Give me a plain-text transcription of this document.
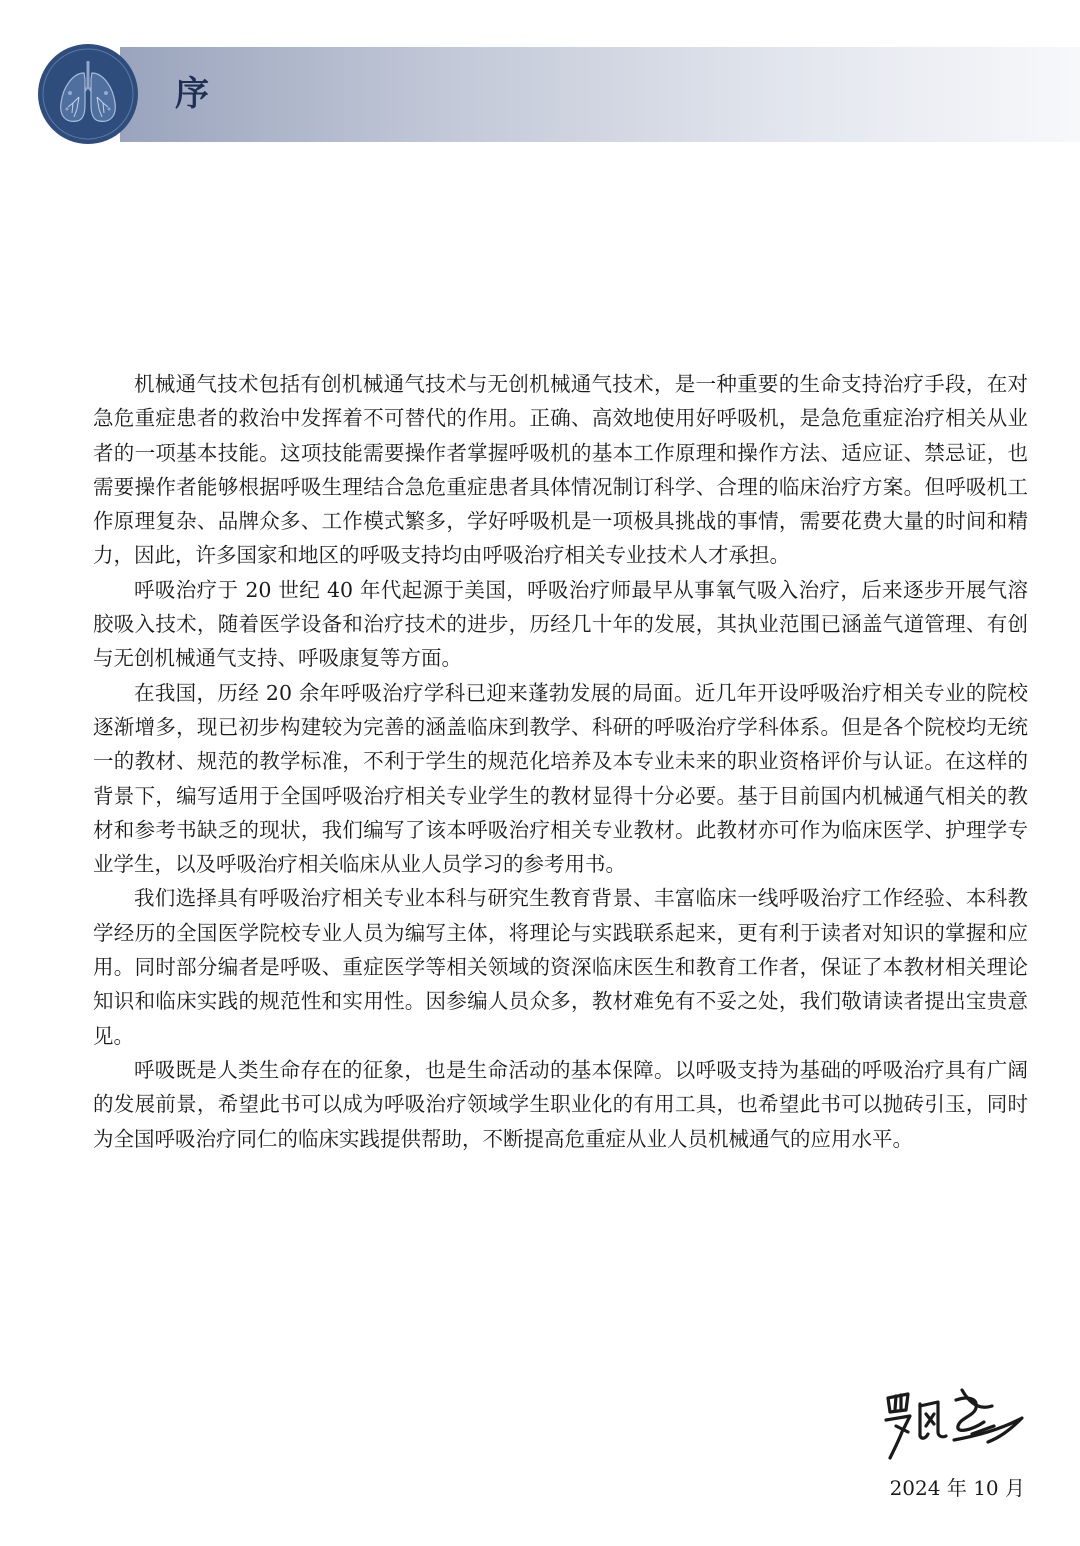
序

机械通气技术包括有创机械通气技术与无创机械通气技术，是一种重要的生命支持治疗手段，在对急危重症患者的救治中发挥着不可替代的作用。正确、高效地使用好呼吸机，是急危重症治疗相关从业者的一项基本技能。这项技能需要操作者掌握呼吸机的基本工作原理和操作方法、适应证、禁忌证，也需要操作者能够根据呼吸生理结合急危重症患者具体情况制订科学、合理的临床治疗方案。但呼吸机工作原理复杂、品牌众多、工作模式繁多，学好呼吸机是一项极具挑战的事情，需要花费大量的时间和精力，因此，许多国家和地区的呼吸支持均由呼吸治疗相关专业技术人才承担。

呼吸治疗于 20 世纪 40 年代起源于美国，呼吸治疗师最早从事氧气吸入治疗，后来逐步开展气溶胶吸入技术，随着医学设备和治疗技术的进步，历经几十年的发展，其执业范围已涵盖气道管理、有创与无创机械通气支持、呼吸康复等方面。

在我国，历经 20 余年呼吸治疗学科已迎来蓬勃发展的局面。近几年开设呼吸治疗相关专业的院校逐渐增多，现已初步构建较为完善的涵盖临床到教学、科研的呼吸治疗学科体系。但是各个院校均无统一的教材、规范的教学标准，不利于学生的规范化培养及本专业未来的职业资格评价与认证。在这样的背景下，编写适用于全国呼吸治疗相关专业学生的教材显得十分必要。基于目前国内机械通气相关的教材和参考书缺乏的现状，我们编写了该本呼吸治疗相关专业教材。此教材亦可作为临床医学、护理学专业学生，以及呼吸治疗相关临床从业人员学习的参考用书。

我们选择具有呼吸治疗相关专业本科与研究生教育背景、丰富临床一线呼吸治疗工作经验、本科教学经历的全国医学院校专业人员为编写主体，将理论与实践联系起来，更有利于读者对知识的掌握和应用。同时部分编者是呼吸、重症医学等相关领域的资深临床医生和教育工作者，保证了本教材相关理论知识和临床实践的规范性和实用性。因参编人员众多，教材难免有不妥之处，我们敬请读者提出宝贵意见。

呼吸既是人类生命存在的征象，也是生命活动的基本保障。以呼吸支持为基础的呼吸治疗具有广阔的发展前景，希望此书可以成为呼吸治疗领域学生职业化的有用工具，也希望此书可以抛砖引玉，同时为全国呼吸治疗同仁的临床实践提供帮助，不断提高危重症从业人员机械通气的应用水平。

2024 年 10 月
